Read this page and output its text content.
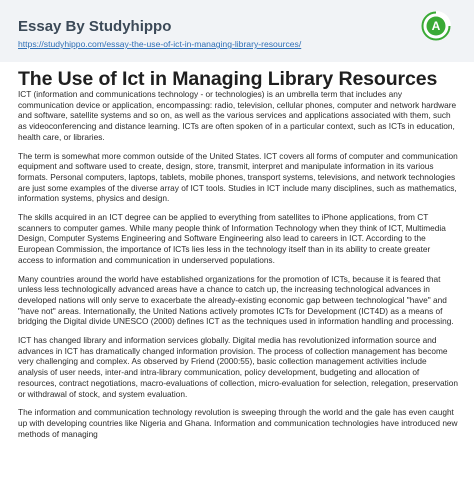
Essay By Studyhippo
https://studyhippo.com/essay-the-use-of-ict-in-managing-library-resources/
A
The Use of Ict in Managing Library Resources

ICT (information and communications technology - or technologies) is an umbrella term that includes any communication device or application, encompassing: radio, television, cellular phones, computer and network hardware and software, satellite systems and so on, as well as the various services and applications associated with them, such as videoconferencing and distance learning. ICTs are often spoken of in a particular context, such as ICTs in education, health care, or libraries.

The term is somewhat more common outside of the United States. ICT covers all forms of computer and communication equipment and software used to create, design, store, transmit, interpret and manipulate information in its various formats. Personal computers, laptops, tablets, mobile phones, transport systems, televisions, and network technologies are just some examples of the diverse array of ICT tools. Studies in ICT include many disciplines, such as mathematics, information systems, physics and design.

The skills acquired in an ICT degree can be applied to everything from satellites to iPhone applications, from CT scanners to computer games. While many people think of Information Technology when they think of ICT, Multimedia Design, Computer Systems Engineering and Software Engineering also lead to careers in ICT. According to the European Commission, the importance of ICTs lies less in the technology itself than in its ability to create greater access to information and communication in underserved populations.

Many countries around the world have established organizations for the promotion of ICTs, because it is feared that unless less technologically advanced areas have a chance to catch up, the increasing technological advances in developed nations will only serve to exacerbate the already-existing economic gap between technological "have" and "have not" areas. Internationally, the United Nations actively promotes ICTs for Development (ICT4D) as a means of bridging the Digital divide UNESCO (2000) defines ICT as the techniques used in information handling and processing.

ICT has changed library and information services globally. Digital media has revolutionized information source and advances in ICT has dramatically changed information provision. The process of collection management has become very challenging and complex. As observed by Friend (2000:55), basic collection management activities include analysis of user needs, inter-and intra-library communication, policy development, budgeting and allocation of resources, contract negotiations, macro-evaluations of collection, micro-evaluation for selection, relegation, preservation or withdrawal of stock, and system evaluation.

The information and communication technology revolution is sweeping through the world and the gale has even caught up with developing countries like Nigeria and Ghana. Information and communication technologies have introduced new methods of managing
